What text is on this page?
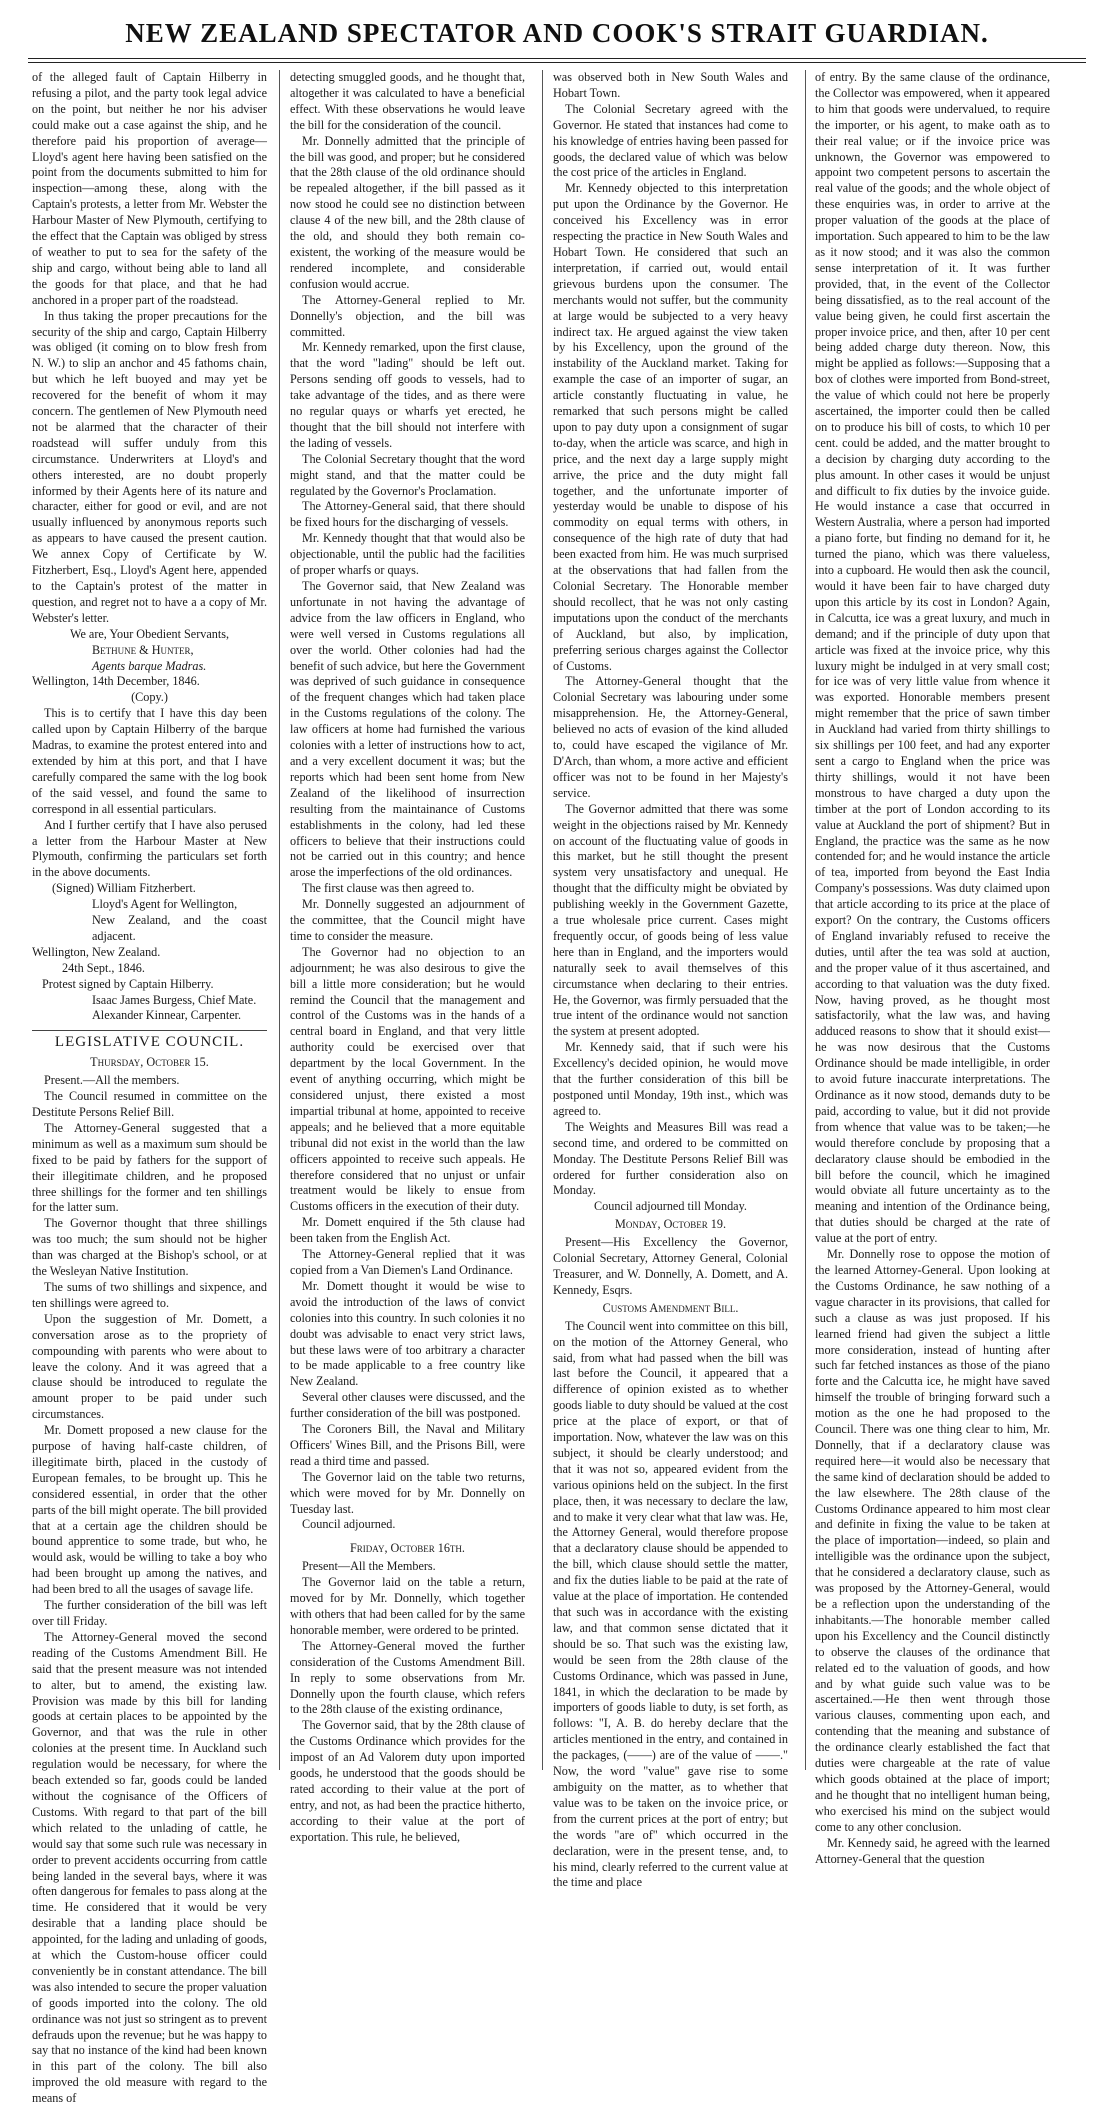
NEW ZEALAND SPECTATOR AND COOK'S STRAIT GUARDIAN.

of the alleged fault of Captain Hilberry in refusing a pilot, and the party took legal advice on the point, but neither he nor his adviser could make out a case against the ship, and he therefore paid his proportion of average—Lloyd's agent here having been satisfied on the point from the documents submitted to him for inspection—among these, along with the Captain's protests, a letter from Mr. Webster the Harbour Master of New Plymouth, certifying to the effect that the Captain was obliged by stress of weather to put to sea for the safety of the ship and cargo, without being able to land all the goods for that place, and that he had anchored in a proper part of the roadstead.

In thus taking the proper precautions for the security of the ship and cargo, Captain Hilberry was obliged (it coming on to blow fresh from N. W.) to slip an anchor and 45 fathoms chain, but which he left buoyed and may yet be recovered for the benefit of whom it may concern. The gentlemen of New Plymouth need not be alarmed that the character of their roadstead will suffer unduly from this circumstance. Underwriters at Lloyd's and others interested, are no doubt properly informed by their Agents here of its nature and character, either for good or evil, and are not usually influenced by anonymous reports such as appears to have caused the present caution. We annex Copy of Certificate by W. Fitzherbert, Esq., Lloyd's Agent here, appended to the Captain's protest of the matter in question, and regret not to have a a copy of Mr. Webster's letter.

We are, Your Obedient Servants,

Bethune & Hunter,

Agents barque Madras.

Wellington, 14th December, 1846.

(Copy.)

This is to certify that I have this day been called upon by Captain Hilberry of the barque Madras, to examine the protest entered into and extended by him at this port, and that I have carefully compared the same with the log book of the said vessel, and found the same to correspond in all essential particulars.

And I further certify that I have also perused a letter from the Harbour Master at New Plymouth, confirming the particulars set forth in the above documents.

(Signed) William Fitzherbert.

Lloyd's Agent for Wellington,

New Zealand, and the coast adjacent.

Wellington, New Zealand.

24th Sept., 1846.

Protest signed by Captain Hilberry.

Isaac James Burgess, Chief Mate.

Alexander Kinnear, Carpenter.

LEGISLATIVE COUNCIL.

Thursday, October 15.

Present.—All the members.

The Council resumed in committee on the Destitute Persons Relief Bill.

The Attorney-General suggested that a minimum as well as a maximum sum should be fixed to be paid by fathers for the support of their illegitimate children, and he proposed three shillings for the former and ten shillings for the latter sum.

The Governor thought that three shillings was too much; the sum should not be higher than was charged at the Bishop's school, or at the Wesleyan Native Institution.

The sums of two shillings and sixpence, and ten shillings were agreed to.

Upon the suggestion of Mr. Domett, a conversation arose as to the propriety of compounding with parents who were about to leave the colony. And it was agreed that a clause should be introduced to regulate the amount proper to be paid under such circumstances.

Mr. Domett proposed a new clause for the purpose of having half-caste children, of illegitimate birth, placed in the custody of European females, to be brought up. This he considered essential, in order that the other parts of the bill might operate. The bill provided that at a certain age the children should be bound apprentice to some trade, but who, he would ask, would be willing to take a boy who had been brought up among the natives, and had been bred to all the usages of savage life.

The further consideration of the bill was left over till Friday.

The Attorney-General moved the second reading of the Customs Amendment Bill. He said that the present measure was not intended to alter, but to amend, the existing law. Provision was made by this bill for landing goods at certain places to be appointed by the Governor, and that was the rule in other colonies at the present time. In Auckland such regulation would be necessary, for where the beach extended so far, goods could be landed without the cognisance of the Officers of Customs. With regard to that part of the bill which related to the unlading of cattle, he would say that some such rule was necessary in order to prevent accidents occurring from cattle being landed in the several bays, where it was often dangerous for females to pass along at the time. He considered that it would be very desirable that a landing place should be appointed, for the lading and unlading of goods, at which the Custom-house officer could conveniently be in constant attendance. The bill was also intended to secure the proper valuation of goods imported into the colony. The old ordinance was not just so stringent as to prevent defrauds upon the revenue; but he was happy to say that no instance of the kind had been known in this part of the colony. The bill also improved the old measure with regard to the means of

detecting smuggled goods, and he thought that, altogether it was calculated to have a beneficial effect. With these observations he would leave the bill for the consideration of the council.

Mr. Donnelly admitted that the principle of the bill was good, and proper; but he considered that the 28th clause of the old ordinance should be repealed altogether, if the bill passed as it now stood he could see no distinction between clause 4 of the new bill, and the 28th clause of the old, and should they both remain co-existent, the working of the measure would be rendered incomplete, and considerable confusion would accrue.

The Attorney-General replied to Mr. Donnelly's objection, and the bill was committed.

Mr. Kennedy remarked, upon the first clause, that the word "lading" should be left out. Persons sending off goods to vessels, had to take advantage of the tides, and as there were no regular quays or wharfs yet erected, he thought that the bill should not interfere with the lading of vessels.

The Colonial Secretary thought that the word might stand, and that the matter could be regulated by the Governor's Proclamation.

The Attorney-General said, that there should be fixed hours for the discharging of vessels.

Mr. Kennedy thought that that would also be objectionable, until the public had the facilities of proper wharfs or quays.

The Governor said, that New Zealand was unfortunate in not having the advantage of advice from the law officers in England, who were well versed in Customs regulations all over the world. Other colonies had had the benefit of such advice, but here the Government was deprived of such guidance in consequence of the frequent changes which had taken place in the Customs regulations of the colony. The law officers at home had furnished the various colonies with a letter of instructions how to act, and a very excellent document it was; but the reports which had been sent home from New Zealand of the likelihood of insurrection resulting from the maintainance of Customs establishments in the colony, had led these officers to believe that their instructions could not be carried out in this country; and hence arose the imperfections of the old ordinances.

The first clause was then agreed to.

Mr. Donnelly suggested an adjournment of the committee, that the Council might have time to consider the measure.

The Governor had no objection to an adjournment; he was also desirous to give the bill a little more consideration; but he would remind the Council that the management and control of the Customs was in the hands of a central board in England, and that very little authority could be exercised over that department by the local Government. In the event of anything occurring, which might be considered unjust, there existed a most impartial tribunal at home, appointed to receive appeals; and he believed that a more equitable tribunal did not exist in the world than the law officers appointed to receive such appeals. He therefore considered that no unjust or unfair treatment would be likely to ensue from Customs officers in the execution of their duty.

Mr. Domett enquired if the 5th clause had been taken from the English Act.

The Attorney-General replied that it was copied from a Van Diemen's Land Ordinance.

Mr. Domett thought it would be wise to avoid the introduction of the laws of convict colonies into this country. In such colonies it no doubt was advisable to enact very strict laws, but these laws were of too arbitrary a character to be made applicable to a free country like New Zealand.

Several other clauses were discussed, and the further consideration of the bill was postponed.

The Coroners Bill, the Naval and Military Officers' Wines Bill, and the Prisons Bill, were read a third time and passed.

The Governor laid on the table two returns, which were moved for by Mr. Donnelly on Tuesday last.

Council adjourned.

Friday, October 16th.

Present—All the Members.

The Governor laid on the table a return, moved for by Mr. Donnelly, which together with others that had been called for by the same honorable member, were ordered to be printed.

The Attorney-General moved the further consideration of the Customs Amendment Bill. In reply to some observations from Mr. Donnelly upon the fourth clause, which refers to the 28th clause of the existing ordinance,

The Governor said, that by the 28th clause of the Customs Ordinance which provides for the impost of an Ad Valorem duty upon imported goods, he understood that the goods should be rated according to their value at the port of entry, and not, as had been the practice hitherto, according to their value at the port of exportation. This rule, he believed,

was observed both in New South Wales and Hobart Town.

The Colonial Secretary agreed with the Governor. He stated that instances had come to his knowledge of entries having been passed for goods, the declared value of which was below the cost price of the articles in England.

Mr. Kennedy objected to this interpretation put upon the Ordinance by the Governor. He conceived his Excellency was in error respecting the practice in New South Wales and Hobart Town. He considered that such an interpretation, if carried out, would entail grievous burdens upon the consumer. The merchants would not suffer, but the community at large would be subjected to a very heavy indirect tax. He argued against the view taken by his Excellency, upon the ground of the instability of the Auckland market. Taking for example the case of an importer of sugar, an article constantly fluctuating in value, he remarked that such persons might be called upon to pay duty upon a consignment of sugar to-day, when the article was scarce, and high in price, and the next day a large supply might arrive, the price and the duty might fall together, and the unfortunate importer of yesterday would be unable to dispose of his commodity on equal terms with others, in consequence of the high rate of duty that had been exacted from him. He was much surprised at the observations that had fallen from the Colonial Secretary. The Honorable member should recollect, that he was not only casting imputations upon the conduct of the merchants of Auckland, but also, by implication, preferring serious charges against the Collector of Customs.

The Attorney-General thought that the Colonial Secretary was labouring under some misapprehension. He, the Attorney-General, believed no acts of evasion of the kind alluded to, could have escaped the vigilance of Mr. D'Arch, than whom, a more active and efficient officer was not to be found in her Majesty's service.

The Governor admitted that there was some weight in the objections raised by Mr. Kennedy on account of the fluctuating value of goods in this market, but he still thought the present system very unsatisfactory and unequal. He thought that the difficulty might be obviated by publishing weekly in the Government Gazette, a true wholesale price current. Cases might frequently occur, of goods being of less value here than in England, and the importers would naturally seek to avail themselves of this circumstance when declaring to their entries. He, the Governor, was firmly persuaded that the true intent of the ordinance would not sanction the system at present adopted.

Mr. Kennedy said, that if such were his Excellency's decided opinion, he would move that the further consideration of this bill be postponed until Monday, 19th inst., which was agreed to.

The Weights and Measures Bill was read a second time, and ordered to be committed on Monday. The Destitute Persons Relief Bill was ordered for further consideration also on Monday.

Council adjourned till Monday.

Monday, October 19.

Present—His Excellency the Governor, Colonial Secretary, Attorney General, Colonial Treasurer, and W. Donnelly, A. Domett, and A. Kennedy, Esqrs.

Customs Amendment Bill.

The Council went into committee on this bill, on the motion of the Attorney General, who said, from what had passed when the bill was last before the Council, it appeared that a difference of opinion existed as to whether goods liable to duty should be valued at the cost price at the place of export, or that of importation. Now, whatever the law was on this subject, it should be clearly understood; and that it was not so, appeared evident from the various opinions held on the subject. In the first place, then, it was necessary to declare the law, and to make it very clear what that law was. He, the Attorney General, would therefore propose that a declaratory clause should be appended to the bill, which clause should settle the matter, and fix the duties liable to be paid at the rate of value at the place of importation. He contended that such was in accordance with the existing law, and that common sense dictated that it should be so. That such was the existing law, would be seen from the 28th clause of the Customs Ordinance, which was passed in June, 1841, in which the declaration to be made by importers of goods liable to duty, is set forth, as follows: "I, A. B. do hereby declare that the articles mentioned in the entry, and contained in the packages, (——) are of the value of ——." Now, the word "value" gave rise to some ambiguity on the matter, as to whether that value was to be taken on the invoice price, or from the current prices at the port of entry; but the words "are of" which occurred in the declaration, were in the present tense, and, to his mind, clearly referred to the current value at the time and place

of entry. By the same clause of the ordinance, the Collector was empowered, when it appeared to him that goods were undervalued, to require the importer, or his agent, to make oath as to their real value; or if the invoice price was unknown, the Governor was empowered to appoint two competent persons to ascertain the real value of the goods; and the whole object of these enquiries was, in order to arrive at the proper valuation of the goods at the place of importation. Such appeared to him to be the law as it now stood; and it was also the common sense interpretation of it. It was further provided, that, in the event of the Collector being dissatisfied, as to the real account of the value being given, he could first ascertain the proper invoice price, and then, after 10 per cent being added charge duty thereon. Now, this might be applied as follows:—Supposing that a box of clothes were imported from Bond-street, the value of which could not here be properly ascertained, the importer could then be called on to produce his bill of costs, to which 10 per cent. could be added, and the matter brought to a decision by charging duty according to the plus amount. In other cases it would be unjust and difficult to fix duties by the invoice guide. He would instance a case that occurred in Western Australia, where a person had imported a piano forte, but finding no demand for it, he turned the piano, which was there valueless, into a cupboard. He would then ask the council, would it have been fair to have charged duty upon this article by its cost in London? Again, in Calcutta, ice was a great luxury, and much in demand; and if the principle of duty upon that article was fixed at the invoice price, why this luxury might be indulged in at very small cost; for ice was of very little value from whence it was exported. Honorable members present might remember that the price of sawn timber in Auckland had varied from thirty shillings to six shillings per 100 feet, and had any exporter sent a cargo to England when the price was thirty shillings, would it not have been monstrous to have charged a duty upon the timber at the port of London according to its value at Auckland the port of shipment? But in England, the practice was the same as he now contended for; and he would instance the article of tea, imported from beyond the East India Company's possessions. Was duty claimed upon that article according to its price at the place of export? On the contrary, the Customs officers of England invariably refused to receive the duties, until after the tea was sold at auction, and the proper value of it thus ascertained, and according to that valuation was the duty fixed. Now, having proved, as he thought most satisfactorily, what the law was, and having adduced reasons to show that it should exist—he was now desirous that the Customs Ordinance should be made intelligible, in order to avoid future inaccurate interpretations. The Ordinance as it now stood, demands duty to be paid, according to value, but it did not provide from whence that value was to be taken;—he would therefore conclude by proposing that a declaratory clause should be embodied in the bill before the council, which he imagined would obviate all future uncertainty as to the meaning and intention of the Ordinance being, that duties should be charged at the rate of value at the port of entry.

Mr. Donnelly rose to oppose the motion of the learned Attorney-General. Upon looking at the Customs Ordinance, he saw nothing of a vague character in its provisions, that called for such a clause as was just proposed. If his learned friend had given the subject a little more consideration, instead of hunting after such far fetched instances as those of the piano forte and the Calcutta ice, he might have saved himself the trouble of bringing forward such a motion as the one he had proposed to the Council. There was one thing clear to him, Mr. Donnelly, that if a declaratory clause was required here—it would also be necessary that the same kind of declaration should be added to the law elsewhere. The 28th clause of the Customs Ordinance appeared to him most clear and definite in fixing the value to be taken at the place of importation—indeed, so plain and intelligible was the ordinance upon the subject, that he considered a declaratory clause, such as was proposed by the Attorney-General, would be a reflection upon the understanding of the inhabitants.—The honorable member called upon his Excellency and the Council distinctly to observe the clauses of the ordinance that related ed to the valuation of goods, and how and by what guide such value was to be ascertained.—He then went through those various clauses, commenting upon each, and contending that the meaning and substance of the ordinance clearly established the fact that duties were chargeable at the rate of value which goods obtained at the place of import; and he thought that no intelligent human being, who exercised his mind on the subject would come to any other conclusion.

Mr. Kennedy said, he agreed with the learned Attorney-General that the question
